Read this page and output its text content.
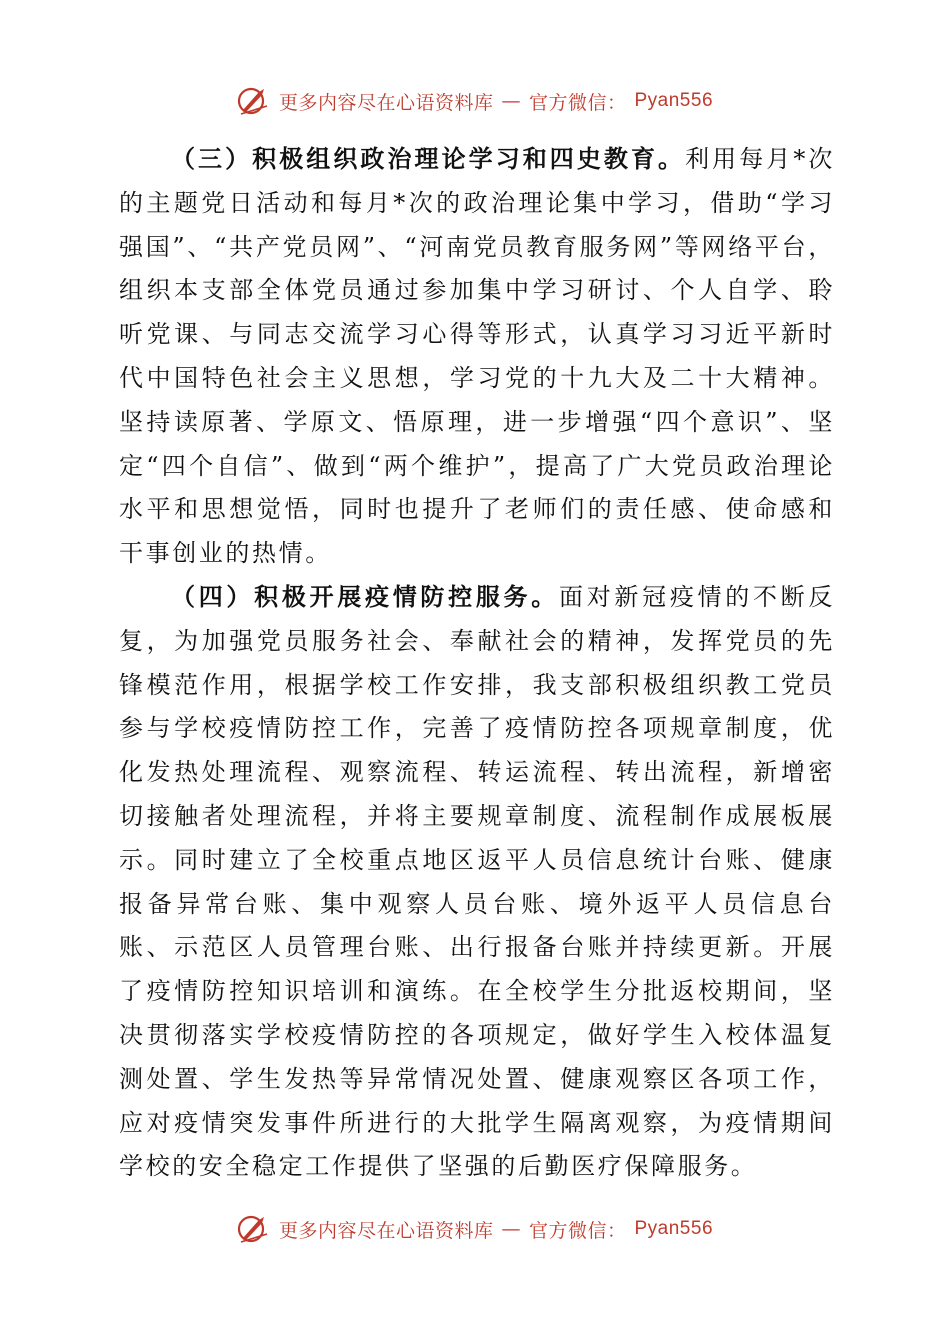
更多内容尽在心语资料库 — 官方微信： Pyan556

（三）积极组织政治理论学习和四史教育。利用每月*次的主题党日活动和每月*次的政治理论集中学习，借助“学习强国”、“共产党员网”、“河南党员教育服务网”等网络平台，组织本支部全体党员通过参加集中学习研讨、个人自学、聆听党课、与同志交流学习心得等形式，认真学习习近平新时代中国特色社会主义思想，学习党的十九大及二十大精神。坚持读原著、学原文、悟原理，进一步增强“四个意识”、坚定“四个自信”、做到“两个维护”，提高了广大党员政治理论水平和思想觉悟，同时也提升了老师们的责任感、使命感和干事创业的热情。

（四）积极开展疫情防控服务。面对新冠疫情的不断反复，为加强党员服务社会、奉献社会的精神，发挥党员的先锋模范作用，根据学校工作安排，我支部积极组织教工党员参与学校疫情防控工作，完善了疫情防控各项规章制度，优化发热处理流程、观察流程、转运流程、转出流程，新增密切接触者处理流程，并将主要规章制度、流程制作成展板展示。同时建立了全校重点地区返平人员信息统计台账、健康报备异常台账、集中观察人员台账、境外返平人员信息台账、示范区人员管理台账、出行报备台账并持续更新。开展了疫情防控知识培训和演练。在全校学生分批返校期间，坚决贯彻落实学校疫情防控的各项规定，做好学生入校体温复测处置、学生发热等异常情况处置、健康观察区各项工作，应对疫情突发事件所进行的大批学生隔离观察，为疫情期间学校的安全稳定工作提供了坚强的后勤医疗保障服务。

更多内容尽在心语资料库 — 官方微信： Pyan556
